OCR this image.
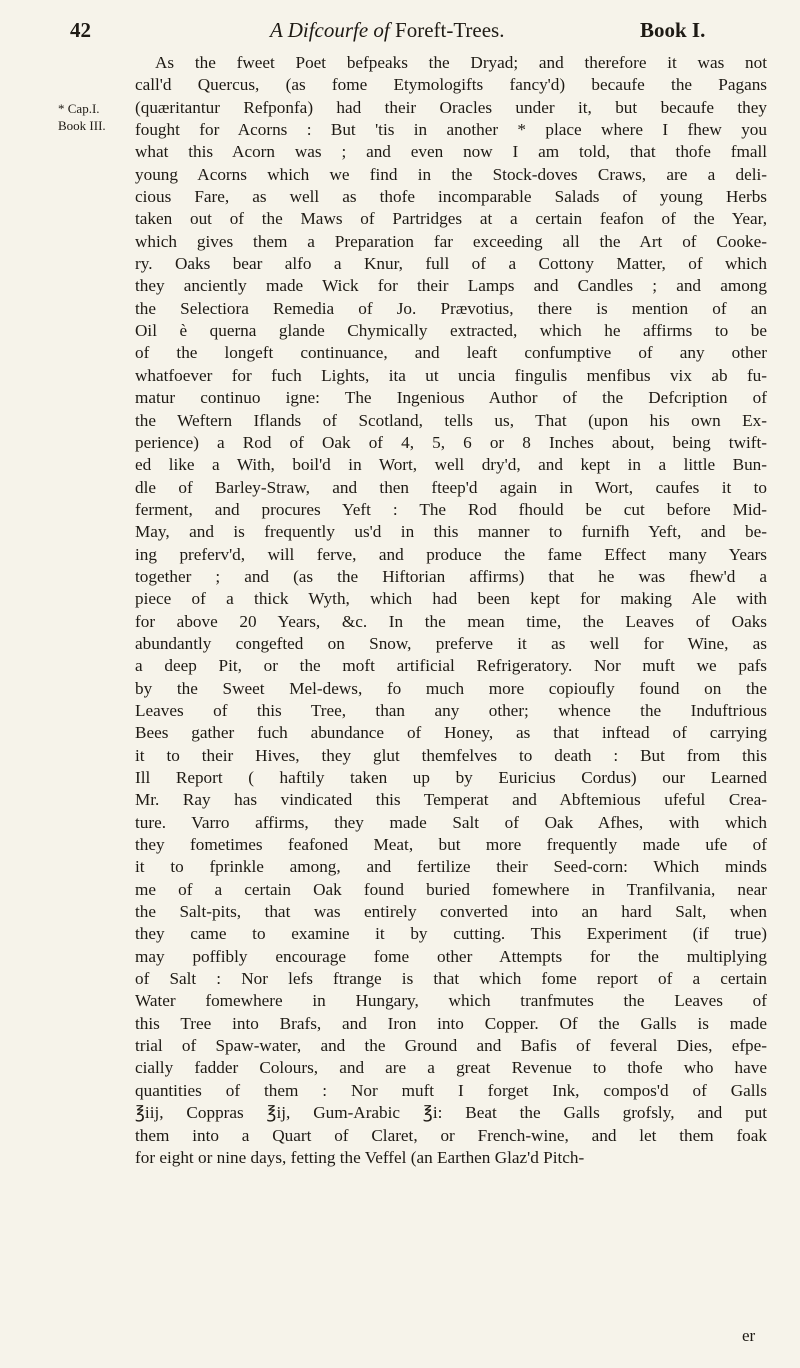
42	A Difcourfe of Foreft-Trees.	Book I.
* Cap.I.
Book III.
As the fweet Poet befpeaks the Dryad; and therefore it was not
call'd Quercus, (as fome Etymologifts fancy'd) becaufe the Pagans
(quæritantur Refponfa) had their Oracles under it, but becaufe they
fought for Acorns : But 'tis in another * place where I fhew you
what this Acorn was ; and even now I am told, that thofe fmall
young Acorns which we find in the Stock-doves Craws, are a deli-
cious Fare, as well as thofe incomparable Salads of young Herbs
taken out of the Maws of Partridges at a certain feafon of the Year,
which gives them a Preparation far exceeding all the Art of Cooke-
ry. Oaks bear alfo a Knur, full of a Cottony Matter, of which
they anciently made Wick for their Lamps and Candles ; and among
the Selectiora Remedia of Jo. Prævotius, there is mention of an
Oil è querna glande Chymically extracted, which he affirms to be
of the longeft continuance, and leaft confumptive of any other
whatfoever for fuch Lights, ita ut uncia fingulis menfibus vix ab fu-
matur continuo igne: The Ingenious Author of the Defcription of
the Weftern Iflands of Scotland, tells us, That (upon his own Ex-
perience) a Rod of Oak of 4, 5, 6 or 8 Inches about, being twift-
ed like a With, boil'd in Wort, well dry'd, and kept in a little Bun-
dle of Barley-Straw, and then fteep'd again in Wort, caufes it to
ferment, and procures Yeft : The Rod fhould be cut before Mid-
May, and is frequently us'd in this manner to furnifh Yeft, and be-
ing preferv'd, will ferve, and produce the fame Effect many Years
together ; and (as the Hiftorian affirms) that he was fhew'd a
piece of a thick Wyth, which had been kept for making Ale with
for above 20 Years, &c. In the mean time, the Leaves of Oaks
abundantly congefted on Snow, preferve it as well for Wine, as
a deep Pit, or the moft artificial Refrigeratory. Nor muft we pafs
by the Sweet Mel-dews, fo much more copioufly found on the
Leaves of this Tree, than any other; whence the Induftrious
Bees gather fuch abundance of Honey, as that inftead of carrying
it to their Hives, they glut themfelves to death : But from this
Ill Report ( haftily taken up by Euricius Cordus) our Learned
Mr. Ray has vindicated this Temperat and Abftemious ufeful Crea-
ture. Varro affirms, they made Salt of Oak Afhes, with which
they fometimes feafoned Meat, but more frequently made ufe of
it to fprinkle among, and fertilize their Seed-corn: Which minds
me of a certain Oak found buried fomewhere in Tranfilvania, near
the Salt-pits, that was entirely converted into an hard Salt, when
they came to examine it by cutting. This Experiment (if true)
may poffibly encourage fome other Attempts for the multiplying
of Salt : Nor lefs ftrange is that which fome report of a certain
Water fomewhere in Hungary, which tranfmutes the Leaves of
this Tree into Brafs, and Iron into Copper. Of the Galls is made
trial of Spaw-water, and the Ground and Bafis of feveral Dies, efpe-
cially fadder Colours, and are a great Revenue to thofe who have
quantities of them : Nor muft I forget Ink, compos'd of Galls
℥iij, Coppras ℥ij, Gum-Arabic ℥i: Beat the Galls grofsly, and put
them into a Quart of Claret, or French-wine, and let them foak
for eight or nine days, fetting the Veffel (an Earthen Glaz'd Pitch-
er
